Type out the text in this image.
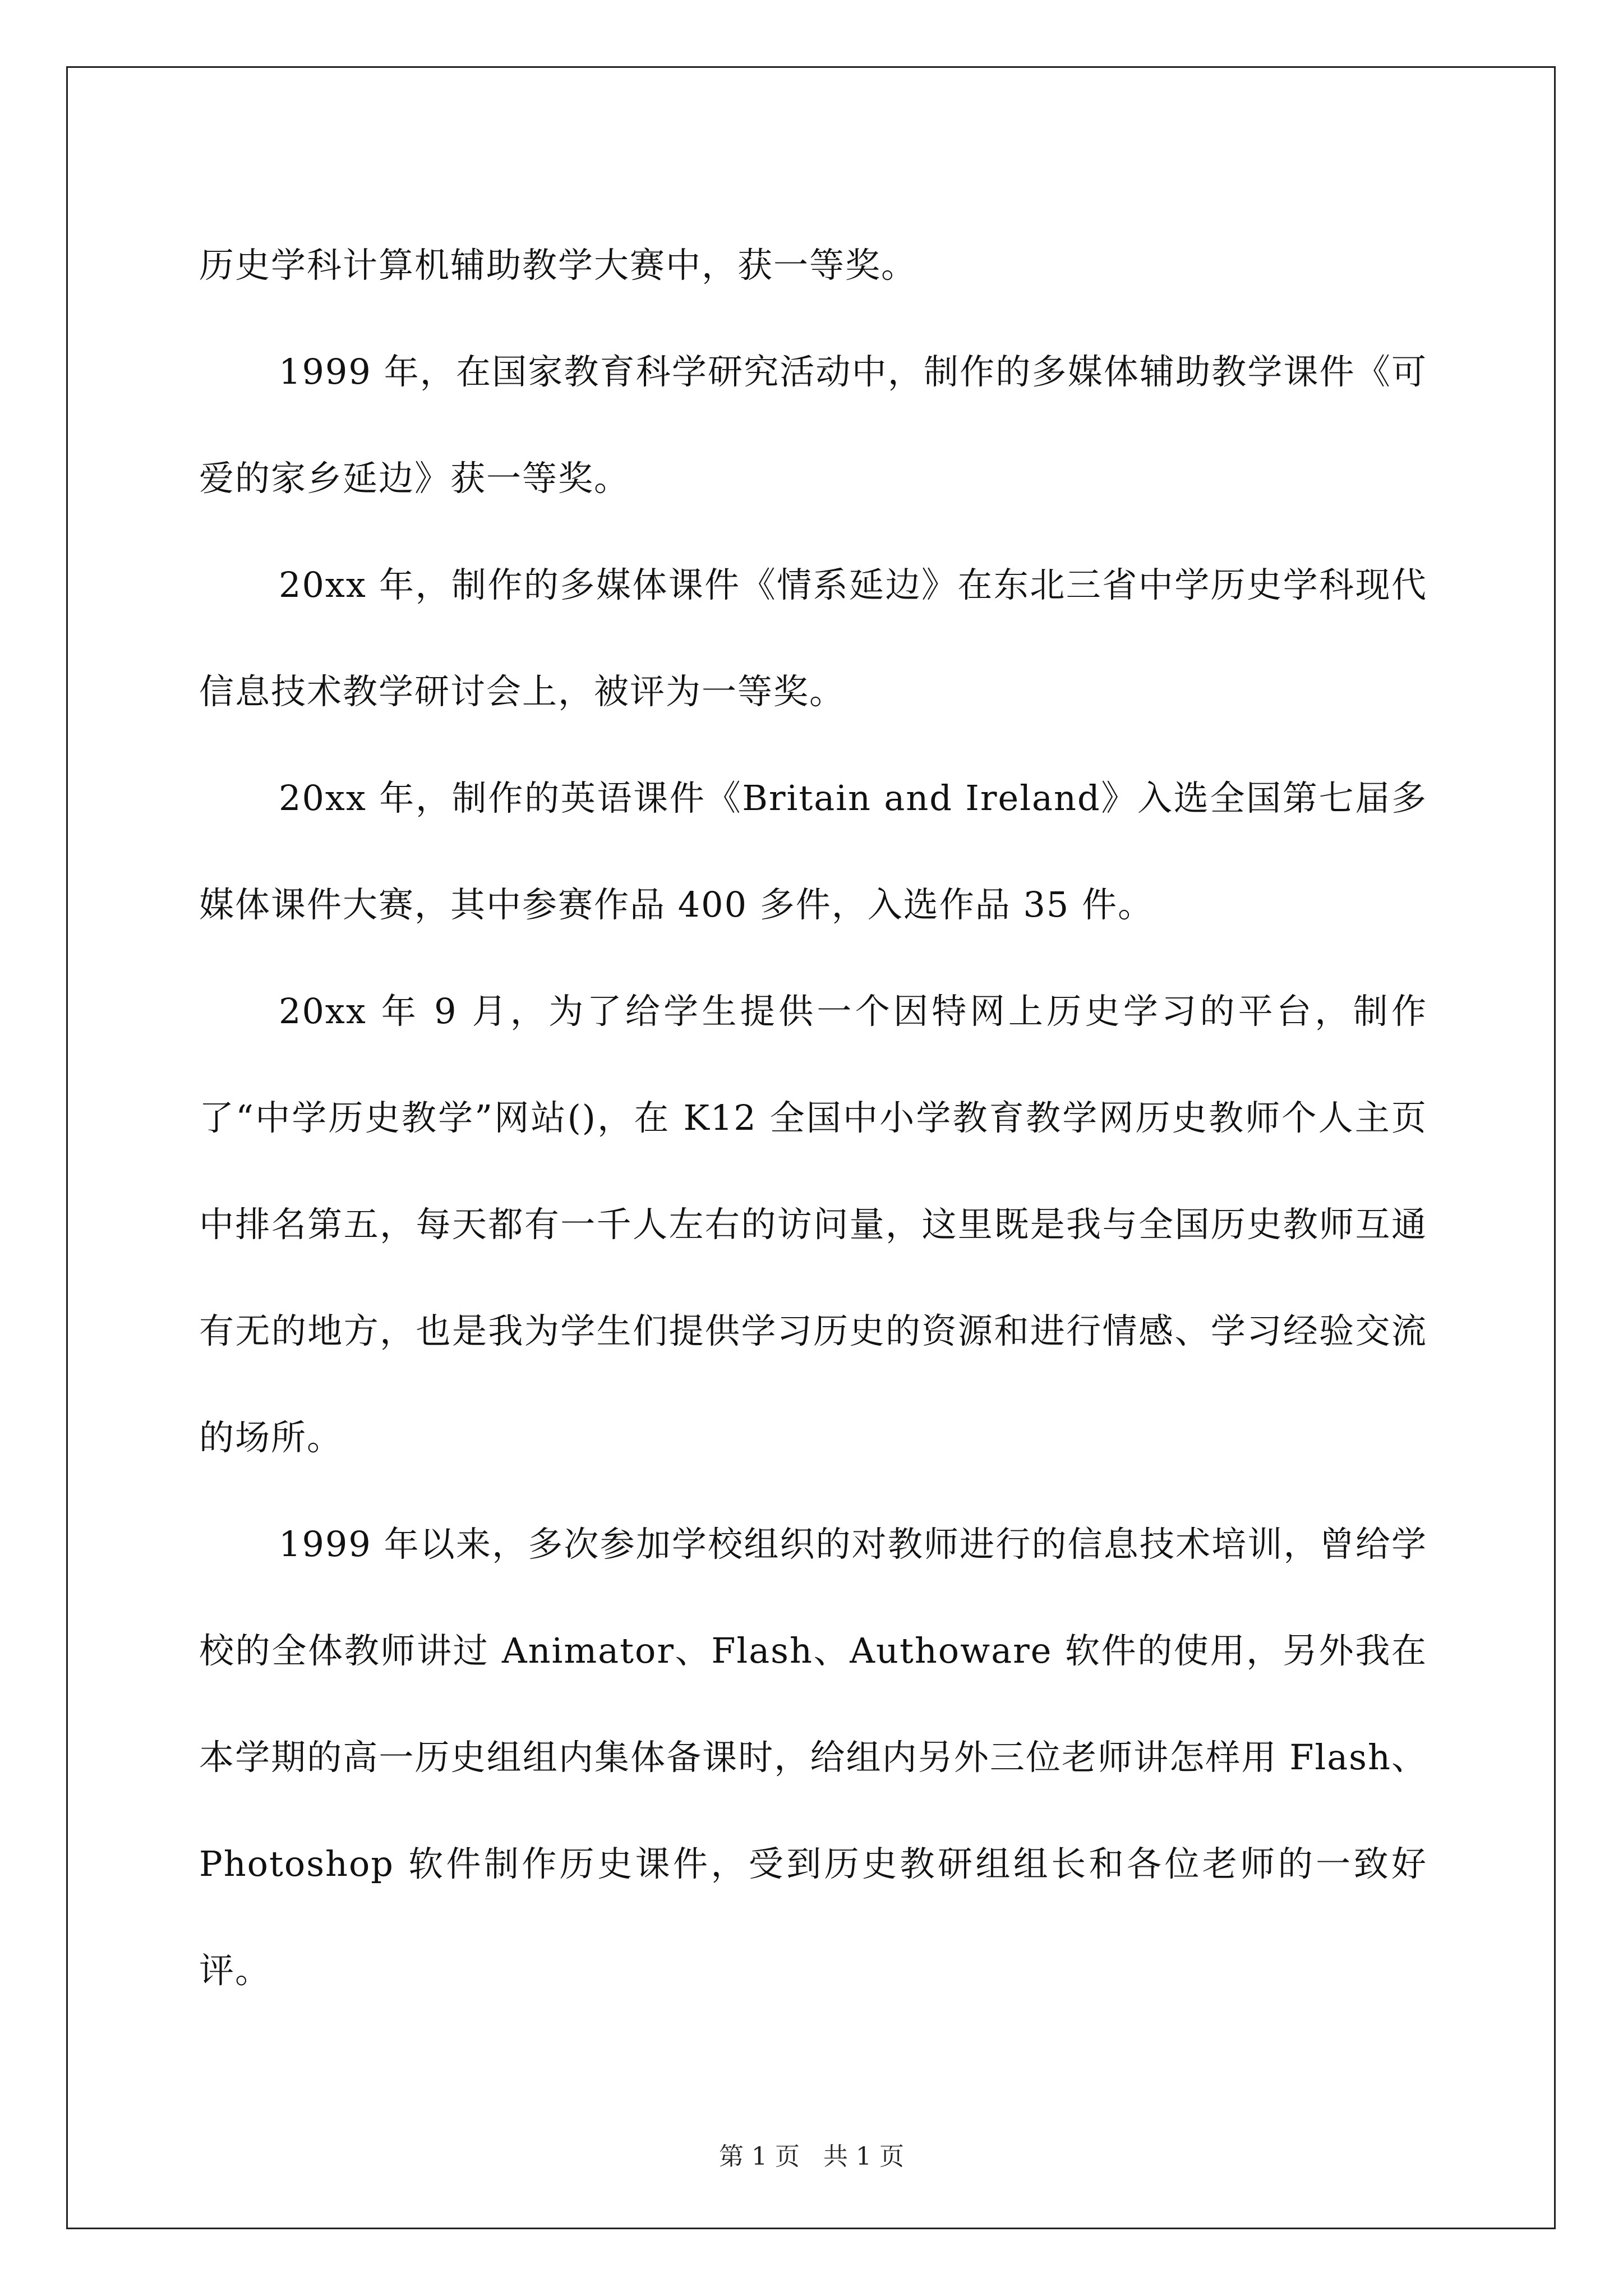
历史学科计算机辅助教学大赛中，获一等奖。

1999 年，在国家教育科学研究活动中，制作的多媒体辅助教学课件《可爱的家乡延边》获一等奖。

20xx 年，制作的多媒体课件《情系延边》在东北三省中学历史学科现代信息技术教学研讨会上，被评为一等奖。

20xx 年，制作的英语课件《Britain and Ireland》入选全国第七届多媒体课件大赛，其中参赛作品 400 多件，入选作品 35 件。

20xx 年 9 月，为了给学生提供一个因特网上历史学习的平台，制作了“中学历史教学”网站()，在 K12 全国中小学教育教学网历史教师个人主页中排名第五，每天都有一千人左右的访问量，这里既是我与全国历史教师互通有无的地方，也是我为学生们提供学习历史的资源和进行情感、学习经验交流的场所。

1999 年以来，多次参加学校组织的对教师进行的信息技术培训，曾给学校的全体教师讲过 Animator、Flash、Authoware 软件的使用，另外我在本学期的高一历史组组内集体备课时，给组内另外三位老师讲怎样用 Flash、Photoshop 软件制作历史课件，受到历史教研组组长和各位老师的一致好评。

第 1 页   共 1 页
